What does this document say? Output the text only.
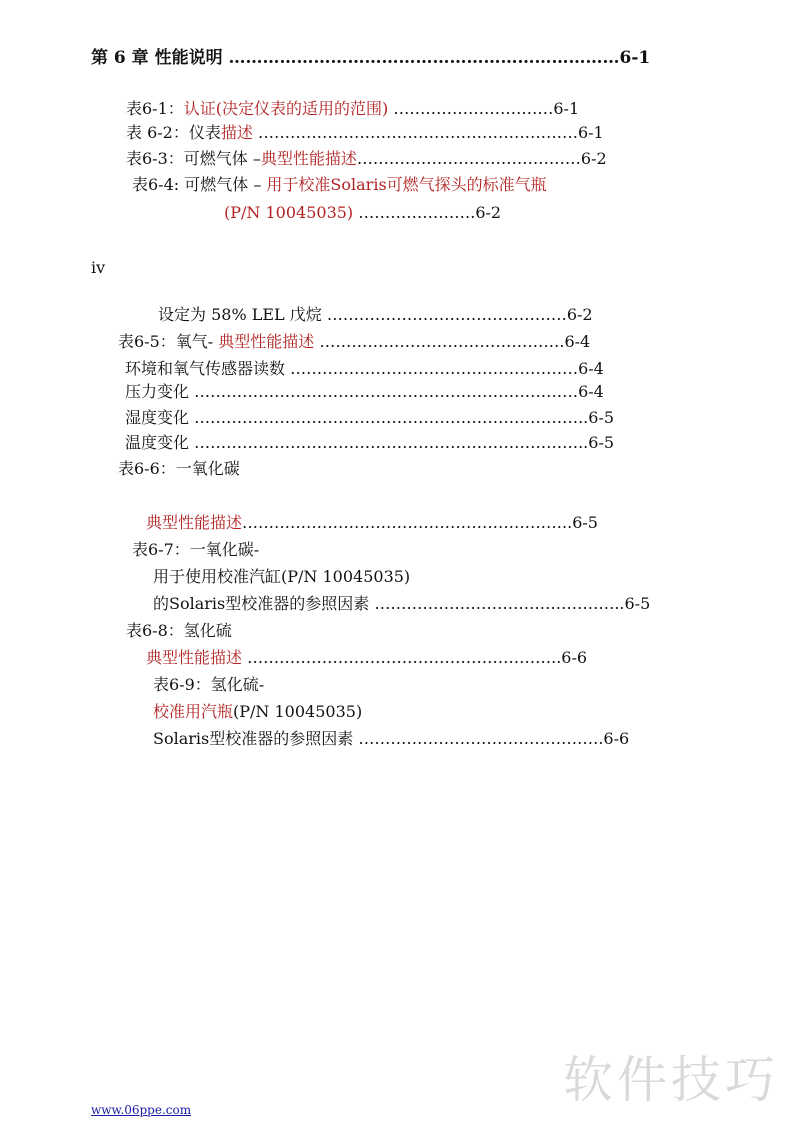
第 6 章 性能说明 ……………………………………………………………6-1
表6-1：认证(决定仪表的适用的范围) …………………………6-1
表 6-2：仪表描述 ……………………………………………………6-1
表6-3：可燃气体 –典型性能描述……………………………………6-2
表6-4: 可燃气体 – 用于校准Solaris可燃气探头的标准气瓶
(P/N 10045035) ………………….6-2
iv
设定为 58% LEL 戊烷 ………………………………………6-2
表6-5：氧气- 典型性能描述 ……………………………………….6-4
环境和氧气传感器读数 ………………………………………………6-4
压力变化 ………………………………………………………………6-4
湿度变化 ………………………………………………………………..6-5
温度变化 ………………………………………………………………..6-5
表6-6：一氧化碳
典型性能描述……………………………………………………..6-5
表6-7：一氧化碳-
用于使用校准汽缸(P/N 10045035)
的Solaris型校准器的参照因素 ………………………………………..6-5
表6-8：氢化硫
典型性能描述 …………………………………………………..6-6
表6-9：氢化硫-
校准用汽瓶(P/N 10045035)
Solaris型校准器的参照因素 ……………………………………….6-6
软件技巧
www.06ppe.com
